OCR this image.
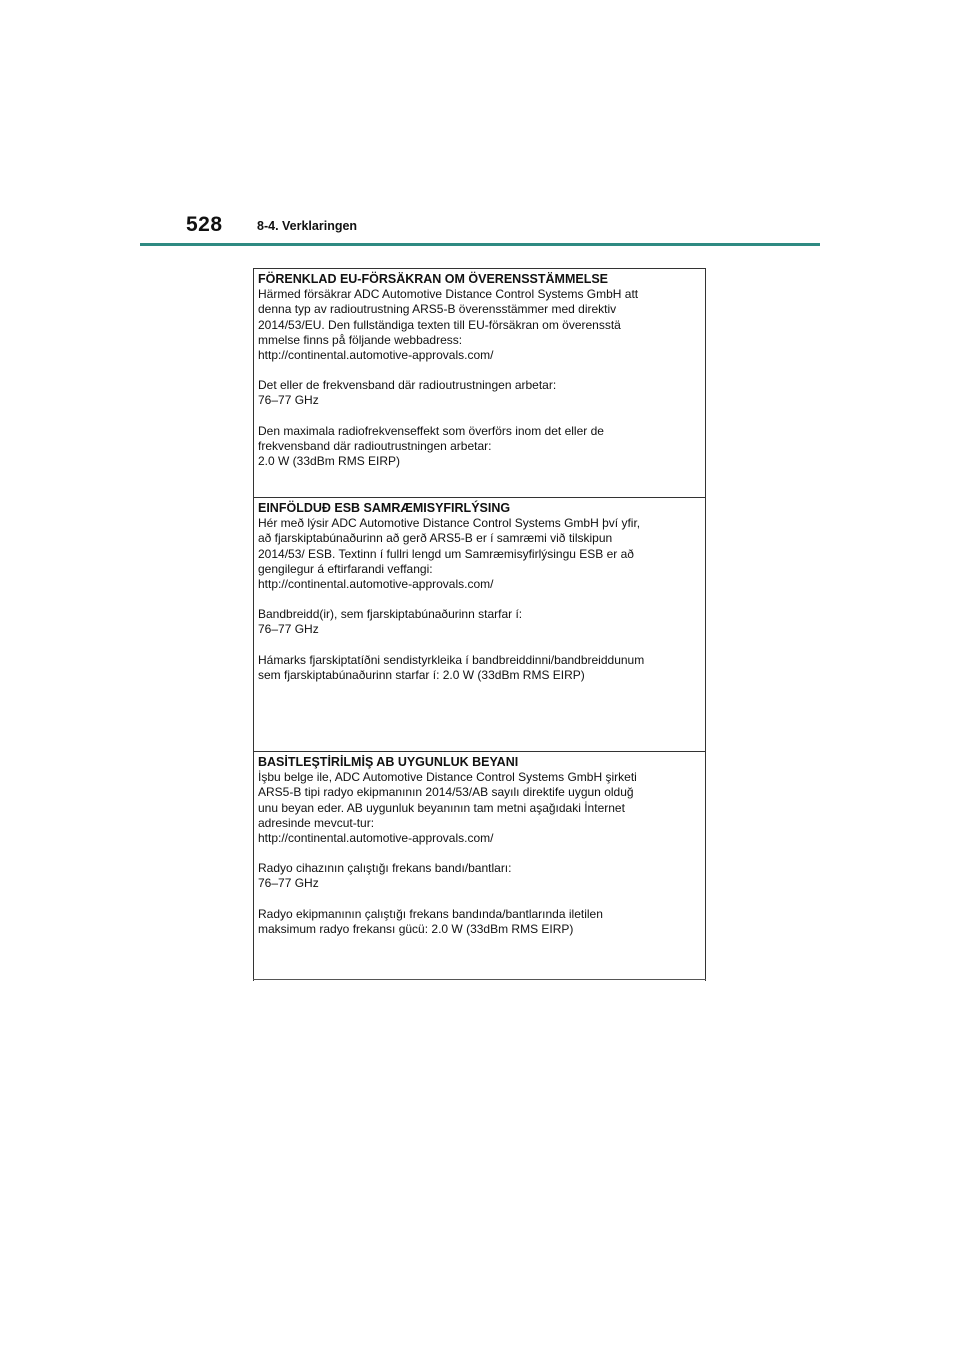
528	8-4. Verklaringen
FÖRENKLAD EU-FÖRSÄKRAN OM ÖVERENSSTÄMMELSE
Härmed försäkrar ADC Automotive Distance Control Systems GmbH att
denna typ av radioutrustning ARS5-B överensstämmer med direktiv
2014/53/EU. Den fullständiga texten till EU-försäkran om överensstä
mmelse finns på följande webbadress:
http://continental.automotive-approvals.com/
Det eller de frekvensband där radioutrustningen arbetar:
76–77 GHz
Den maximala radiofrekvenseffekt som överförs inom det eller de
frekvensband där radioutrustningen arbetar:
2.0 W (33dBm RMS EIRP)
EINFÖLDUÐ ESB SAMRÆMISYFIRLÝSING
Hér með lýsir ADC Automotive Distance Control Systems GmbH því yfir,
að fjarskiptabúnaðurinn að gerð ARS5-B er í samræmi við tilskipun
2014/53/ ESB. Textinn í fullri lengd um Samræmisyfirlýsingu ESB er að
gengilegur á eftirfarandi veffangi:
http://continental.automotive-approvals.com/
Bandbreidd(ir), sem fjarskiptabúnaðurinn starfar í:
76–77 GHz
Hámarks fjarskiptatíðni sendistyrkleika í bandbreiddinni/bandbreiddunum
sem fjarskiptabúnaðurinn starfar í: 2.0 W (33dBm RMS EIRP)
BASİTLEŞTİRİLMİŞ AB UYGUNLUK BEYANI
İşbu belge ile, ADC Automotive Distance Control Systems GmbH şirketi
ARS5-B tipi radyo ekipmanının 2014/53/AB sayılı direktife uygun olduğ
unu beyan eder. AB uygunluk beyanının tam metni aşağıdaki İnternet
adresinde mevcut-tur:
http://continental.automotive-approvals.com/
Radyo cihazının çalıştığı frekans bandı/bantları:
76–77 GHz
Radyo ekipmanının çalıştığı frekans bandında/bantlarında iletilen
maksimum radyo frekansı gücü: 2.0 W (33dBm RMS EIRP)
